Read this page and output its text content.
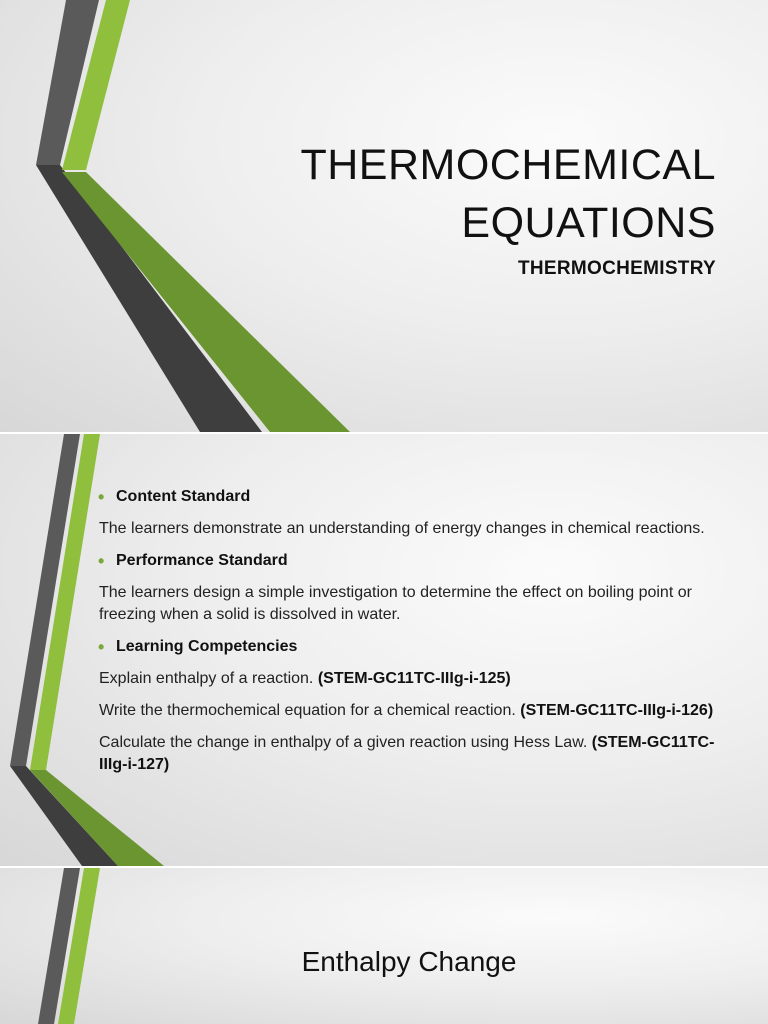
THERMOCHEMICAL
EQUATIONS
THERMOCHEMISTRY
• Content Standard

The learners demonstrate an understanding of energy changes in chemical reactions.

• Performance Standard

The learners design a simple investigation to determine the effect on boiling point or freezing when a solid is dissolved in water.

• Learning Competencies

Explain enthalpy of a reaction. (STEM-GC11TC-IIIg-i-125)

Write the thermochemical equation for a chemical reaction. (STEM-GC11TC-IIIg-i-126)

Calculate the change in enthalpy of a given reaction using Hess Law. (STEM-GC11TC-IIIg-i-127)

Enthalpy Change
